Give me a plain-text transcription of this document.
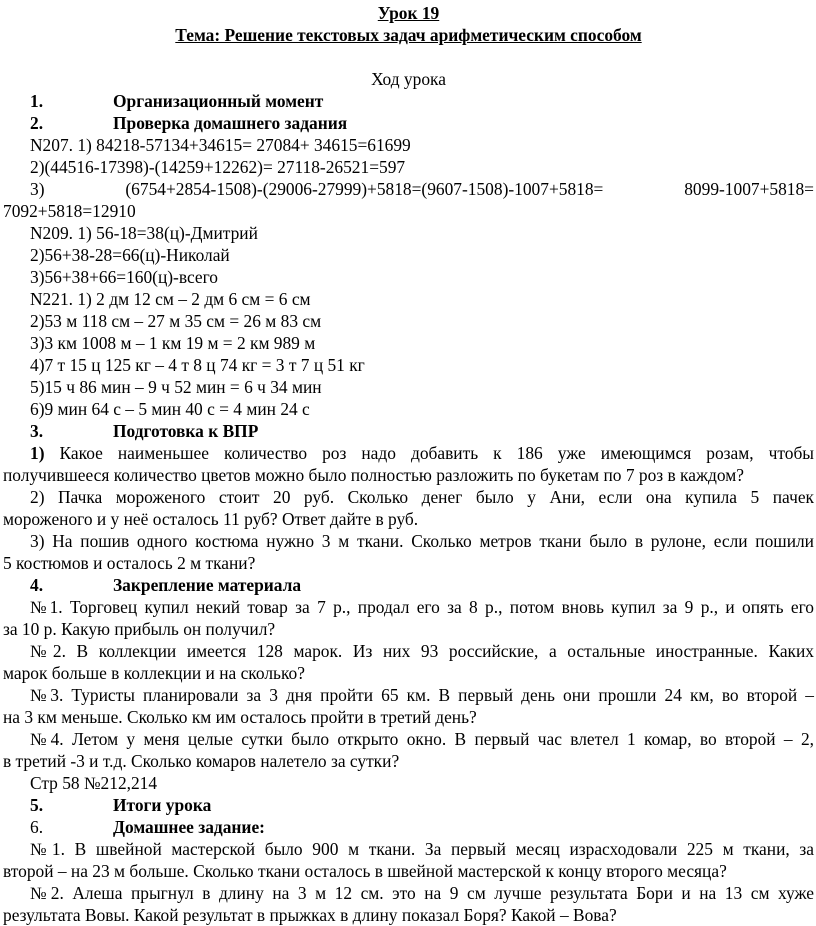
Урок 19
Тема: Решение текстовых задач арифметическим способом
Ход урока
1.	Организационный момент
2.	Проверка домашнего задания
N207. 1) 84218-57134+34615= 27084+ 34615=61699
2)(44516-17398)-(14259+12262)= 27118-26521=597
3)	(6754+2854-1508)-(29006-27999)+5818=(9607-1508)-1007+5818=	8099-1007+5818=
7092+5818=12910
N209. 1) 56-18=38(ц)-Дмитрий
2)56+38-28=66(ц)-Николай
3)56+38+66=160(ц)-всего
N221. 1) 2 дм 12 см – 2 дм 6 см = 6 см
2)53 м 118 см – 27 м 35 см = 26 м 83 см
3)3 км 1008 м – 1 км 19 м = 2 км 989 м
4)7 т 15 ц 125 кг – 4 т 8 ц 74 кг = 3 т 7 ц 51 кг
5)15 ч 86 мин – 9 ч 52 мин = 6 ч 34 мин
6)9 мин 64 с – 5 мин 40 с = 4 мин 24 с
3.	Подготовка к ВПР
1) Какое наименьшее количество роз надо добавить к 186 уже имеющимся розам, чтобы
получившееся количество цветов можно было полностью разложить по букетам по 7 роз в каждом?
2) Пачка мороженого стоит 20 руб. Сколько денег было у Ани, если она купила 5 пачек
мороженого и у неё осталось 11 руб? Ответ дайте в руб.
3) На пошив одного костюма нужно 3 м ткани. Сколько метров ткани было в рулоне, если пошили
5 костюмов и осталось 2 м ткани?
4.	Закрепление материала
№1. Торговец купил некий товар за 7 р., продал его за 8 р., потом вновь купил за 9 р., и опять его
за 10 р. Какую прибыль он получил?
№2. В коллекции имеется 128 марок. Из них 93 российские, а остальные иностранные. Каких
марок больше в коллекции и на сколько?
№3. Туристы планировали за 3 дня пройти 65 км. В первый день они прошли 24 км, во второй –
на 3 км меньше. Сколько км им осталось пройти в третий день?
№4. Летом у меня целые сутки было открыто окно. В первый час влетел 1 комар, во второй – 2,
в третий -3 и т.д. Сколько комаров налетело за сутки?
Стр 58 №212,214
5.	Итоги урока
6.	Домашнее задание:
№1. В швейной мастерской было 900 м ткани. За первый месяц израсходовали 225 м ткани, за
второй – на 23 м больше. Сколько ткани осталось в швейной мастерской к концу второго месяца?
№2. Алеша прыгнул в длину на 3 м 12 см. это на 9 см лучше результата Бори и на 13 см хуже
результата Вовы. Какой результат в прыжках в длину показал Боря? Какой – Вова?
